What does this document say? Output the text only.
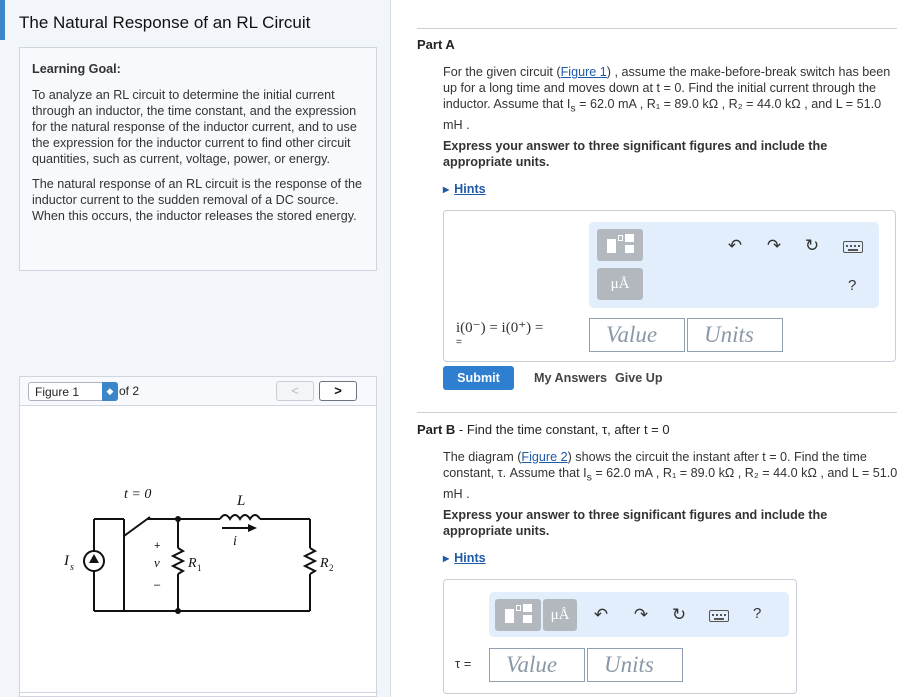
The Natural Response of an RL Circuit
Learning Goal:

To analyze an RL circuit to determine the initial current through an inductor, the time constant, and the expression for the natural response of the inductor current, and to use the expression for the inductor current to find other circuit quantities, such as current, voltage, power, or energy.

The natural response of an RL circuit is the response of the inductor current to the sudden removal of a DC source. When this occurs, the inductor releases the stored energy.

Figure 1	◆ of 2	<	>
t = 0	L
i
I s
+
v
–
R 1	R 2
Part A
For the given circuit (Figure 1) , assume the make-before-break switch has been up for a long time and moves down at t = 0. Find the initial current through the inductor. Assume that $I_s = 62.0$ mA , R₁ = 89.0 kΩ , R₂ = 44.0 kΩ , and L = 51.0 mH .
Express your answer to three significant figures and include the appropriate units.
▶ Hints
μÅ
↶ ↷ ↻
?
i(0⁻) = i(0⁺) =
=	Value	Units
Submit	My Answers Give Up
Part B - Find the time constant, τ, after t = 0
The diagram (Figure 2) shows the circuit the instant after t = 0. Find the time constant, τ. Assume that $I_s = 62.0$ mA , R₁ = 89.0 kΩ , R₂ = 44.0 kΩ , and L = 51.0 mH .
Express your answer to three significant figures and include the appropriate units.
▶ Hints
μÅ	↶ ↷ ↻	?
τ =	Value	Units
